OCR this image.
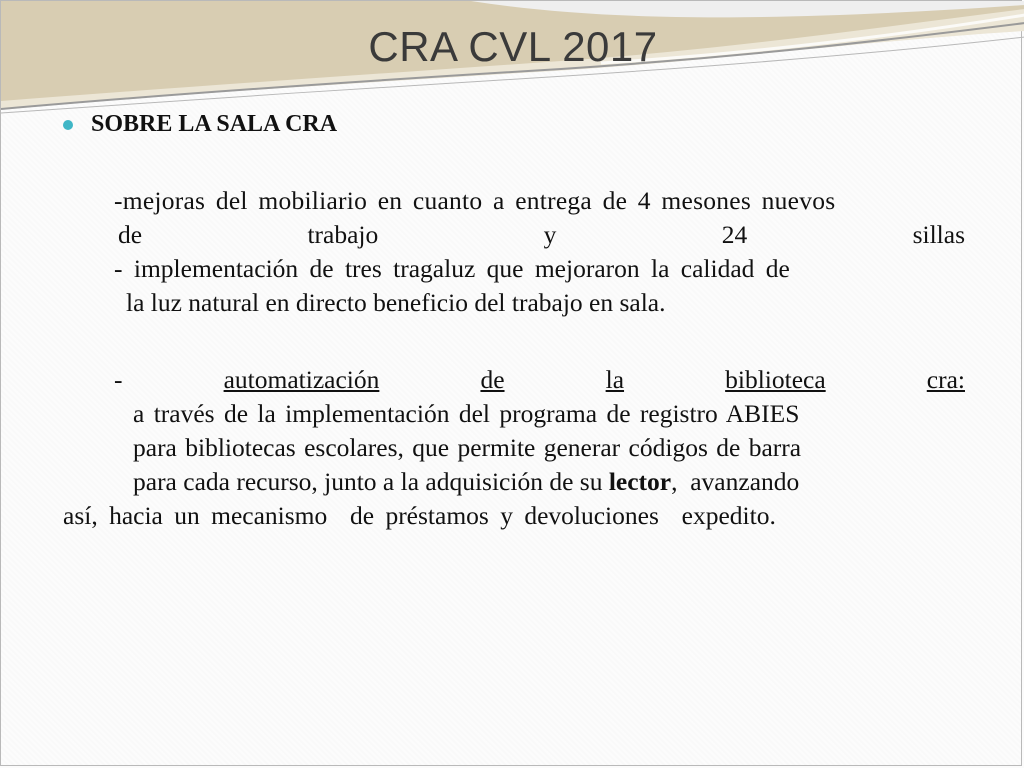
CRA CVL 2017
SOBRE LA SALA CRA
-mejoras del mobiliario en cuanto a entrega de 4 mesones nuevos
de	trabajo	y	24	sillas
- implementación de tres tragaluz que mejoraron la calidad de
la luz natural en directo beneficio del trabajo en sala.
-	automatización	de	la	biblioteca	cra:
a través de la implementación del programa de registro ABIES
para bibliotecas escolares, que permite generar códigos de barra
para cada recurso, junto a la adquisición de su lector,  avanzando
así, hacia un mecanismo  de préstamos y devoluciones  expedito.
